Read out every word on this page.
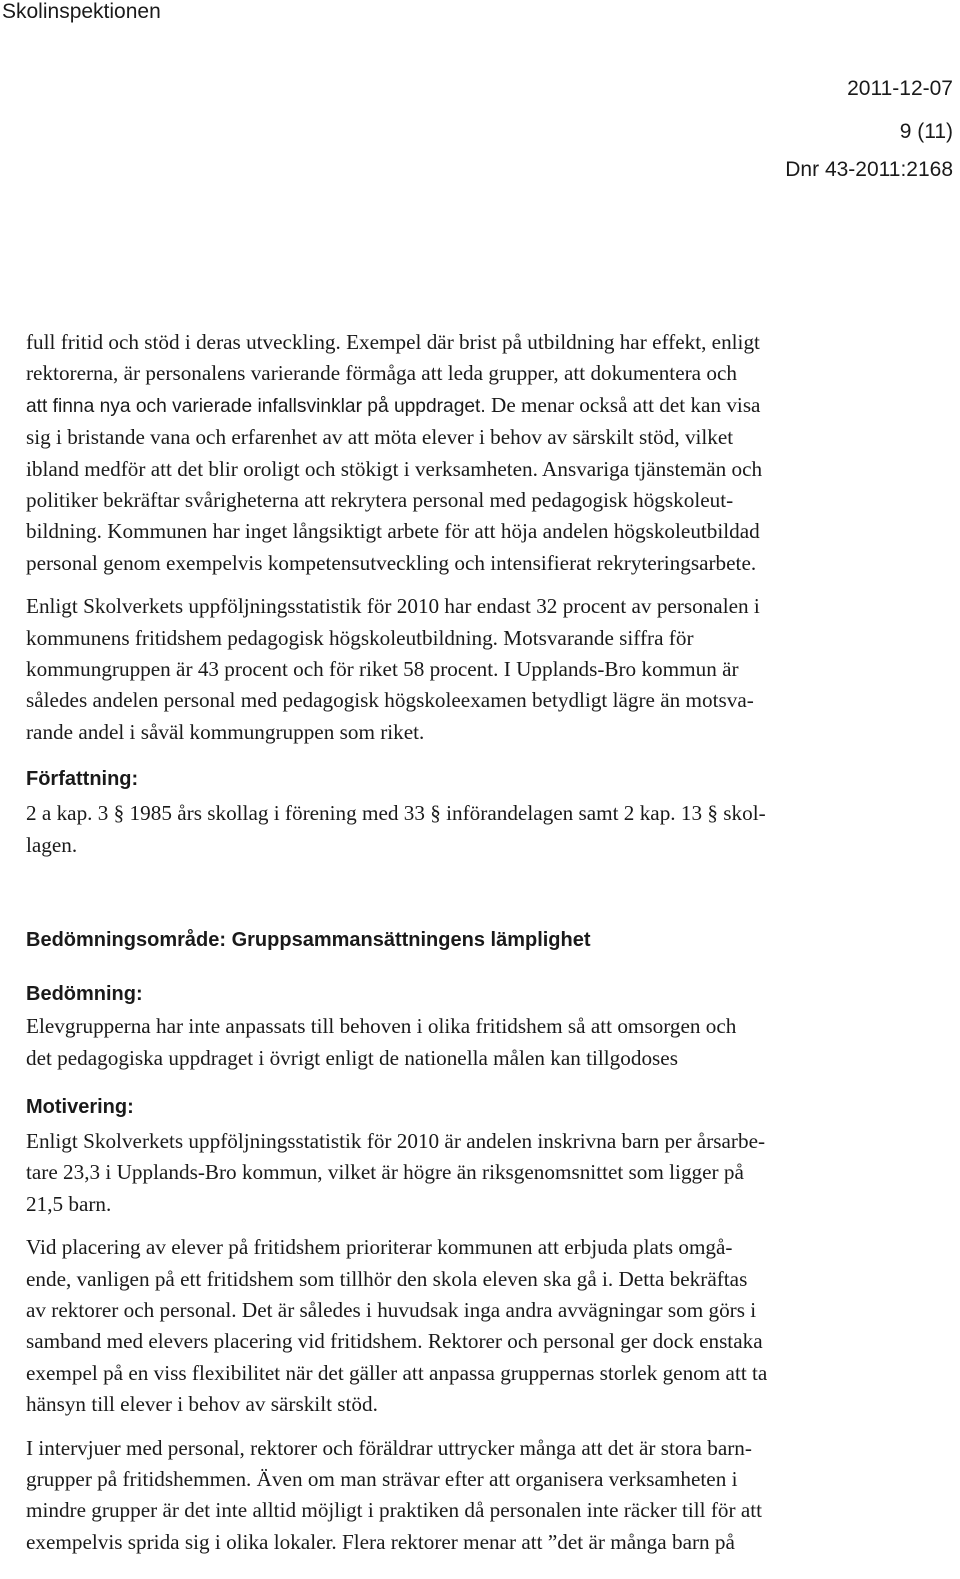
Skolinspektionen
2011-12-07
9 (11)
Dnr 43-2011:2168

full fritid och stöd i deras utveckling. Exempel där brist på utbildning har effekt, enligt
rektorerna, är personalens varierande förmåga att leda grupper, att dokumentera och
att finna nya och varierade infallsvinklar på uppdraget. De menar också att det kan visa
sig i bristande vana och erfarenhet av att möta elever i behov av särskilt stöd, vilket
ibland medför att det blir oroligt och stökigt i verksamheten. Ansvariga tjänstemän och
politiker bekräftar svårigheterna att rekrytera personal med pedagogisk högskoleut-
bildning. Kommunen har inget långsiktigt arbete för att höja andelen högskoleutbildad
personal genom exempelvis kompetensutveckling och intensifierat rekryteringsarbete.

Enligt Skolverkets uppföljningsstatistik för 2010 har endast 32 procent av personalen i
kommunens fritidshem pedagogisk högskoleutbildning. Motsvarande siffra för
kommungruppen är 43 procent och för riket 58 procent. I Upplands-Bro kommun är
således andelen personal med pedagogisk högskoleexamen betydligt lägre än motsva-
rande andel i såväl kommungruppen som riket.

Författning:

2 a kap. 3 § 1985 års skollag i förening med 33 § införandelagen samt 2 kap. 13 § skol-
lagen.

Bedömningsområde: Gruppsammansättningens lämplighet
Bedömning:

Elevgrupperna har inte anpassats till behoven i olika fritidshem så att omsorgen och
det pedagogiska uppdraget i övrigt enligt de nationella målen kan tillgodoses

Motivering:

Enligt Skolverkets uppföljningsstatistik för 2010 är andelen inskrivna barn per årsarbe-
tare 23,3 i Upplands-Bro kommun, vilket är högre än riksgenomsnittet som ligger på
21,5 barn.

Vid placering av elever på fritidshem prioriterar kommunen att erbjuda plats omgå-
ende, vanligen på ett fritidshem som tillhör den skola eleven ska gå i. Detta bekräftas
av rektorer och personal. Det är således i huvudsak inga andra avvägningar som görs i
samband med elevers placering vid fritidshem. Rektorer och personal ger dock enstaka
exempel på en viss flexibilitet när det gäller att anpassa gruppernas storlek genom att ta
hänsyn till elever i behov av särskilt stöd.

I intervjuer med personal, rektorer och föräldrar uttrycker många att det är stora barn-
grupper på fritidshemmen. Även om man strävar efter att organisera verksamheten i
mindre grupper är det inte alltid möjligt i praktiken då personalen inte räcker till för att
exempelvis sprida sig i olika lokaler. Flera rektorer menar att ”det är många barn på
